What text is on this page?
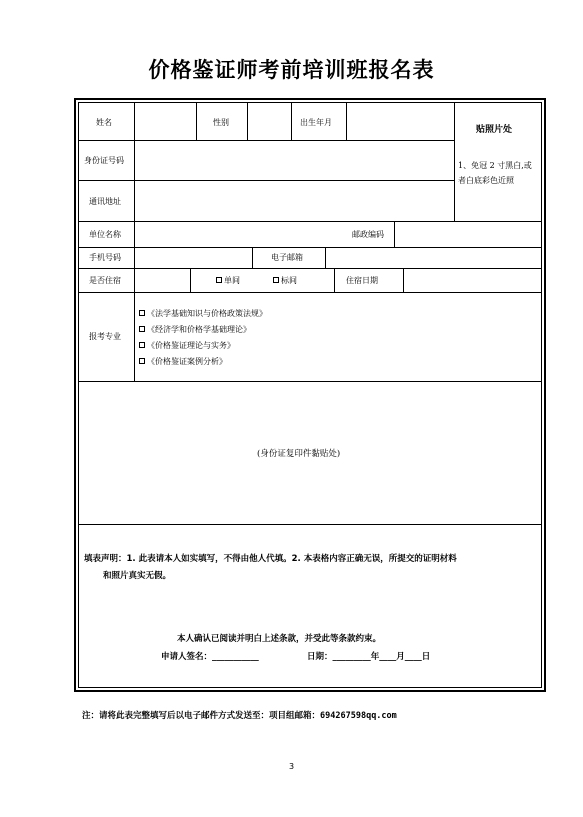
价格鉴证师考前培训班报名表
姓名	性别	出生年月
贴照片处
1、免冠 2 寸黑白,或者白底彩色近照
身份证号码
通讯地址
单位名称	邮政编码
手机号码	电子邮箱
是否住宿	单间	标间	住宿日期
报考专业
《法学基础知识与价格政策法规》
《经济学和价格学基础理论》
《价格鉴证理论与实务》
《价格鉴证案例分析》
(身份证复印件黏贴处)
填表声明：1. 此表请本人如实填写，不得由他人代填。2. 本表格内容正确无误，所提交的证明材料
和照片真实无假。
本人确认已阅读并明白上述条款，并受此等条款约束。
申请人签名：___________	日期：_________年____月____日
注：请将此表完整填写后以电子邮件方式发送至：项目组邮箱：694267598qq.com
3
